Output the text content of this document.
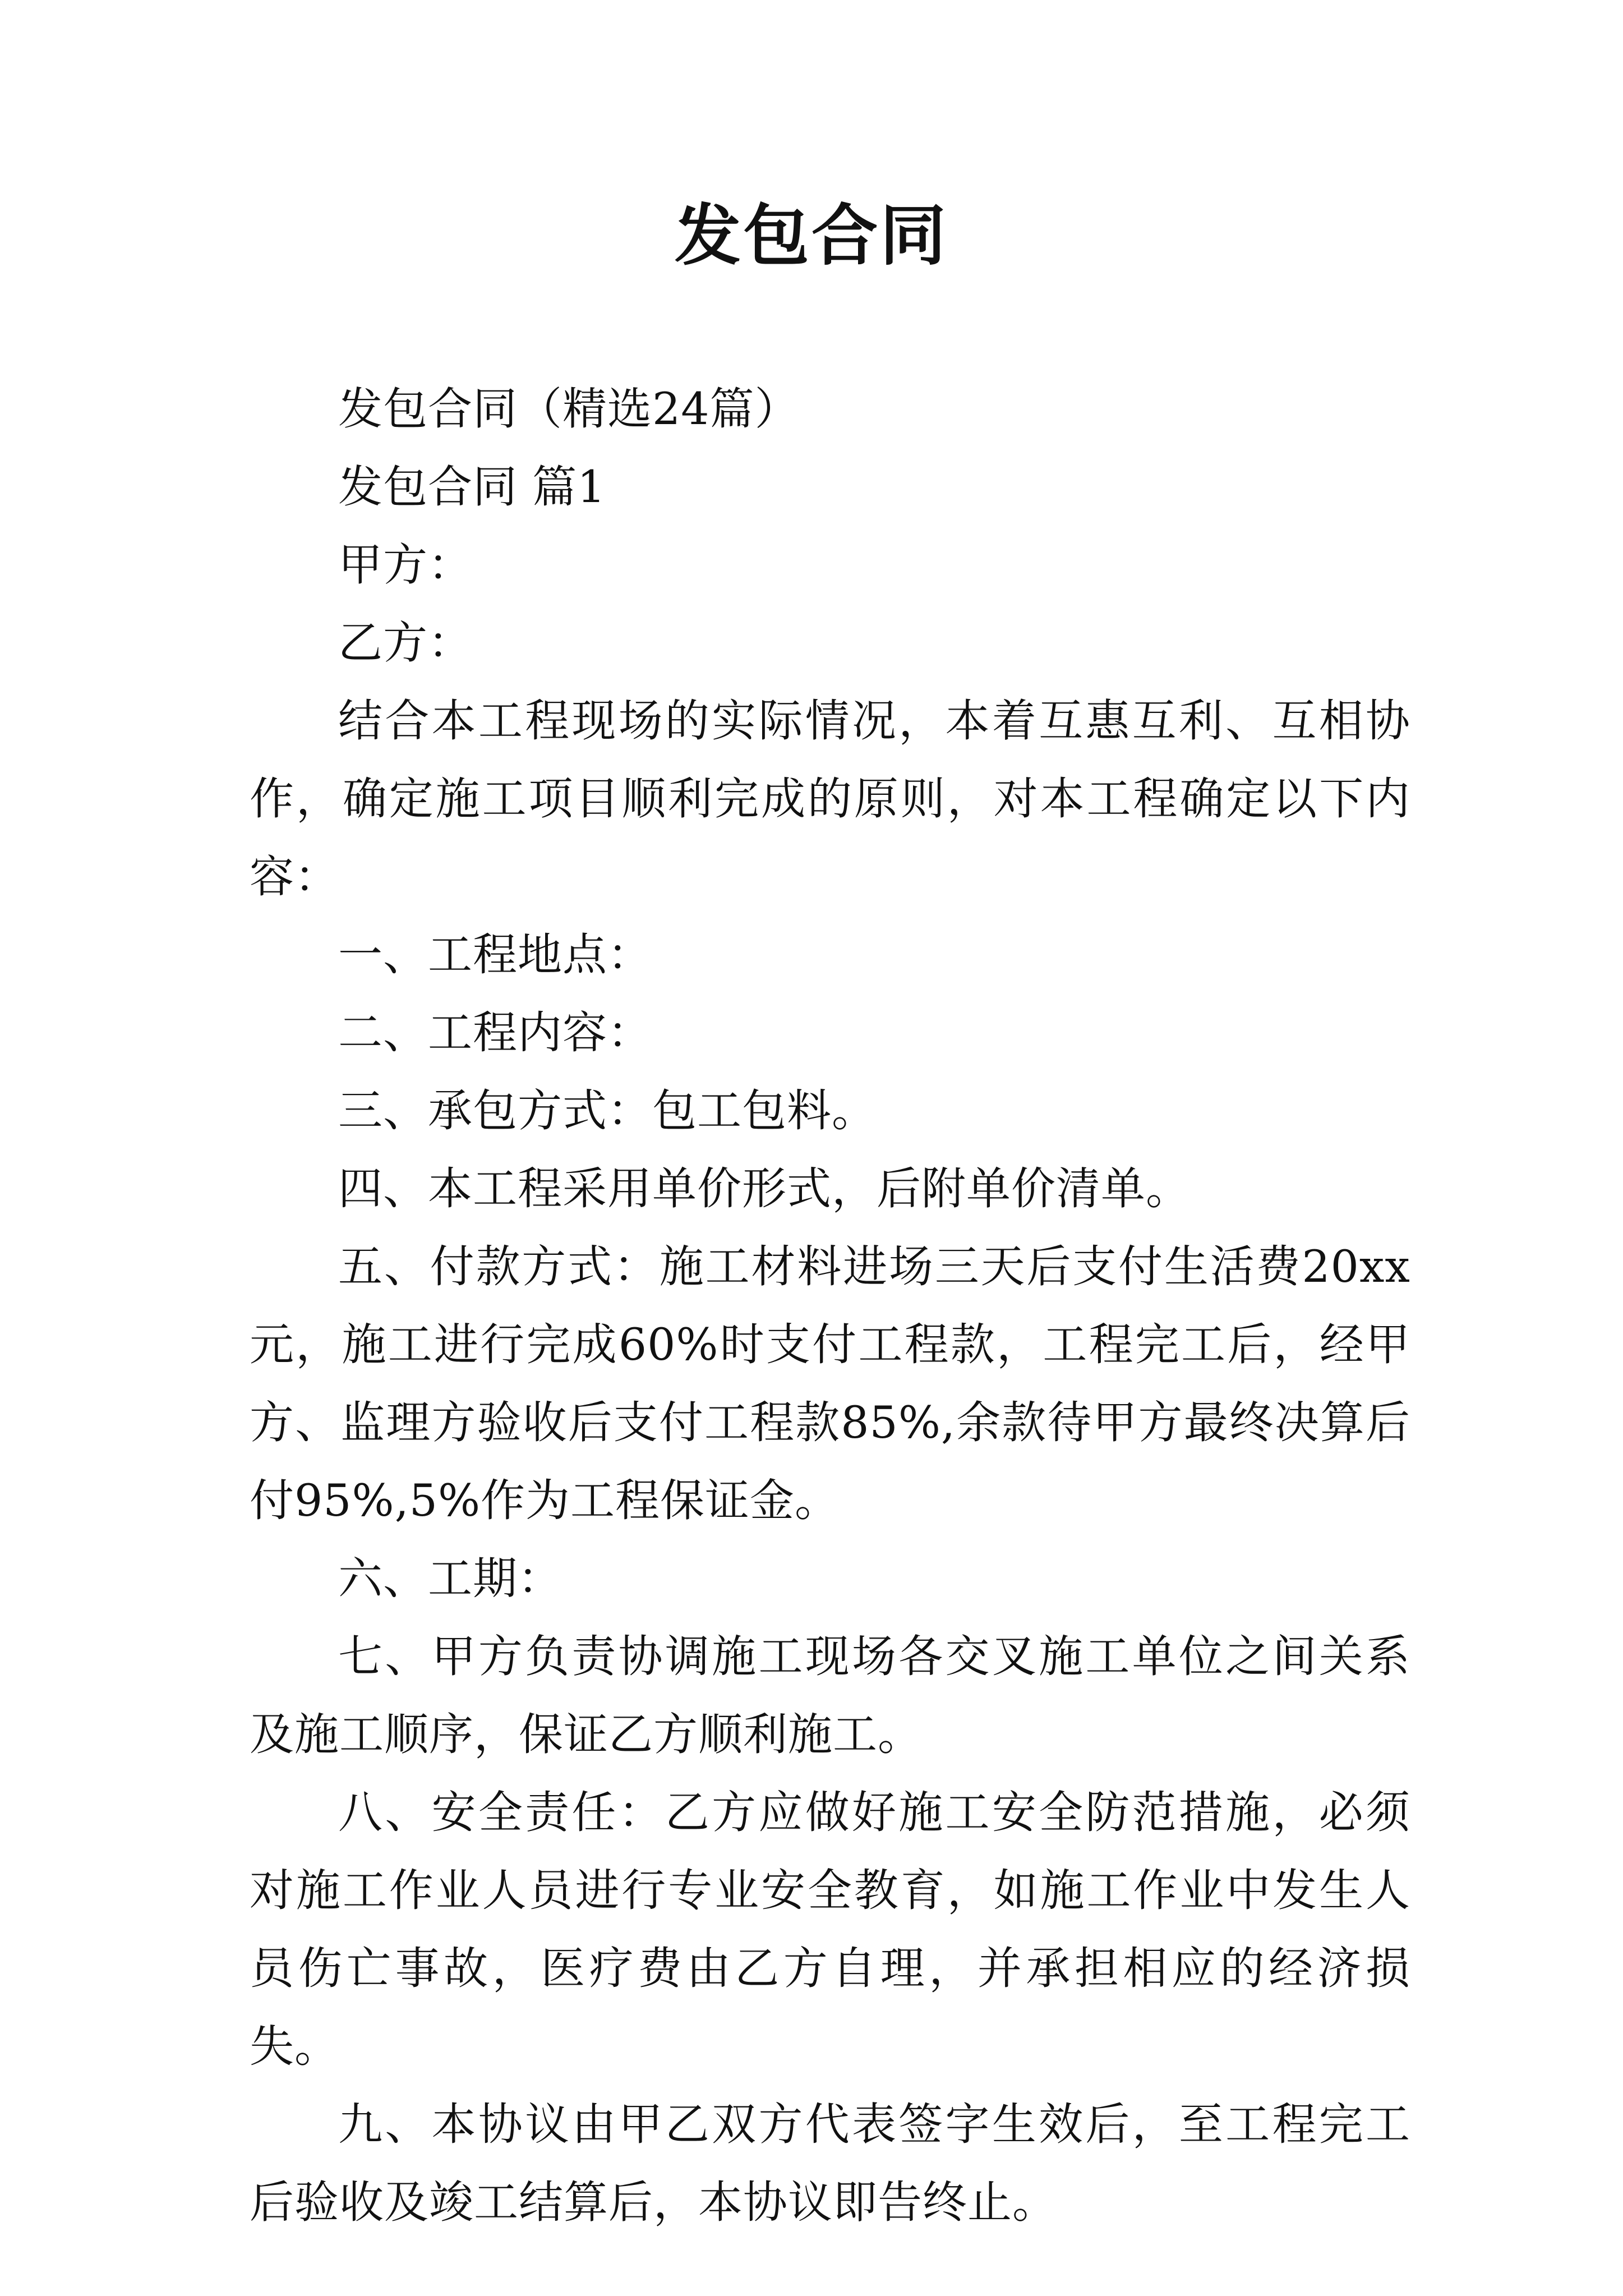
发包合同

发包合同（精选24篇）

发包合同 篇1

甲方：

乙方：

结合本工程现场的实际情况，本着互惠互利、互相协作，确定施工项目顺利完成的原则，对本工程确定以下内容：

一、工程地点：

二、工程内容：

三、承包方式：包工包料。

四、本工程采用单价形式，后附单价清单。

五、付款方式：施工材料进场三天后支付生活费20xx元，施工进行完成60%时支付工程款，工程完工后，经甲方、监理方验收后支付工程款85%,余款待甲方最终决算后付95%,5%作为工程保证金。

六、工期：

七、甲方负责协调施工现场各交叉施工单位之间关系及施工顺序，保证乙方顺利施工。

八、安全责任：乙方应做好施工安全防范措施，必须对施工作业人员进行专业安全教育，如施工作业中发生人员伤亡事故，医疗费由乙方自理，并承担相应的经济损失。

九、本协议由甲乙双方代表签字生效后，至工程完工后验收及竣工结算后，本协议即告终止。
